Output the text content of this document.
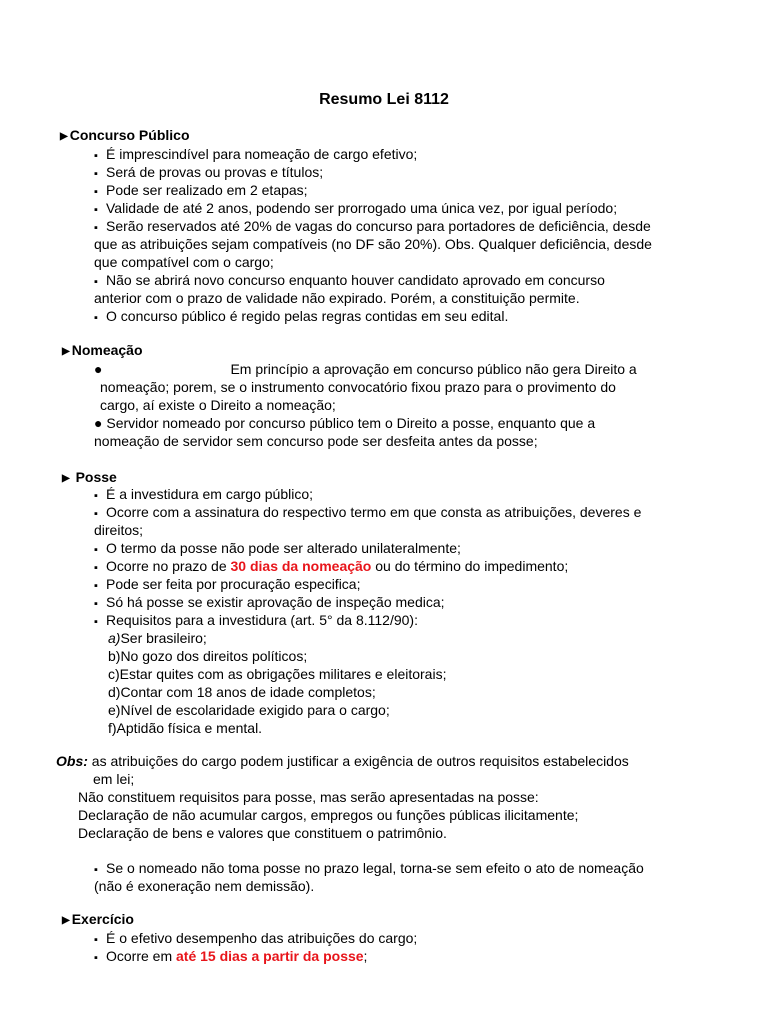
Resumo Lei 8112
▶ Concurso Público
▪ É imprescindível para nomeação de cargo efetivo;
▪ Será de provas ou provas e títulos;
▪ Pode ser realizado em 2 etapas;
▪ Validade de até 2 anos, podendo ser prorrogado uma única vez, por igual período;
▪ Serão reservados até 20% de vagas do concurso para portadores de deficiência, desde
que as atribuições sejam compatíveis (no DF são 20%). Obs. Qualquer deficiência, desde
que compatível com o cargo;
▪ Não se abrirá novo concurso enquanto houver candidato aprovado em concurso
anterior com o prazo de validade não expirado. Porém, a constituição permite.
▪ O concurso público é regido pelas regras contidas em seu edital.
▶ Nomeação
●	Em princípio a aprovação em concurso público não gera Direito a
nomeação; porem, se o instrumento convocatório fixou prazo para o provimento do
cargo, aí existe o Direito a nomeação;
● Servidor nomeado por concurso público tem o Direito a posse, enquanto que a
nomeação de servidor sem concurso pode ser desfeita antes da posse;
▶ Posse
▪ É a investidura em cargo público;
▪ Ocorre com a assinatura do respectivo termo em que consta as atribuições, deveres e
direitos;
▪ O termo da posse não pode ser alterado unilateralmente;
▪ Ocorre no prazo de 30 dias da nomeação ou do término do impedimento;
▪ Pode ser feita por procuração especifica;
▪ Só há posse se existir aprovação de inspeção medica;
▪ Requisitos para a investidura (art. 5° da 8.112/90):
a)Ser brasileiro;
b)No gozo dos direitos políticos;
c)Estar quites com as obrigações militares e eleitorais;
d)Contar com 18 anos de idade completos;
e)Nível de escolaridade exigido para o cargo;
f)Aptidão física e mental.
Obs: as atribuições do cargo podem justificar a exigência de outros requisitos estabelecidos
em lei;
Não constituem requisitos para posse, mas serão apresentadas na posse:
Declaração de não acumular cargos, empregos ou funções públicas ilicitamente;
Declaração de bens e valores que constituem o patrimônio.
▪ Se o nomeado não toma posse no prazo legal, torna-se sem efeito o ato de nomeação
(não é exoneração nem demissão).
▶ Exercício
▪ É o efetivo desempenho das atribuições do cargo;
▪ Ocorre em até 15 dias a partir da posse;
